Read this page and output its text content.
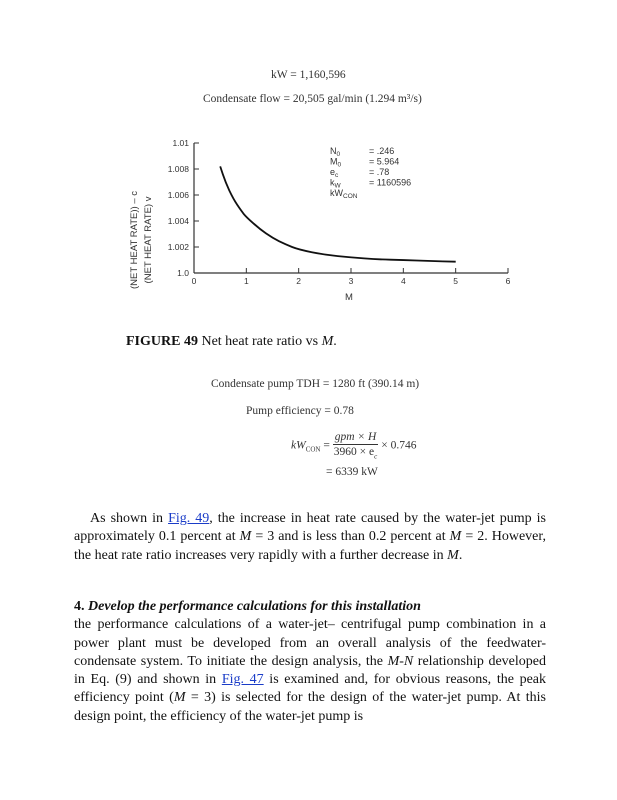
kW = 1,160,596
Condensate flow = 20,505 gal/min (1.294 m³/s)
(NET HEAT RATE)) – c (NET HEAT RATE) v	1.0
1.002
1.004
1.006
1.008
1.01
0	1	2	3	4	5	6
$N_0$	= .246
$M_0$	= 5.964
$e_c$	= .78
$k_W$	= 1160596
$kW_{CON}$
M
FIGURE 49 Net heat rate ratio vs M.
Condensate pump TDH = 1280 ft (390.14 m)
Pump efficiency = 0.78
$kW_{CON} = \frac{\text{gpm × H}}{3960 \times e_c} \times 0.746$
= 6339 kW
As shown in Fig. 49, the increase in heat rate caused by the water-jet pump is approximately 0.1 percent at M = 3 and is less than 0.2 percent at M = 2. However, the heat rate ratio increases very rapidly with a further decrease in M.
4. Develop the performance calculations for this installation
the performance calculations of a water-jet– centrifugal pump combination in a power plant must be developed from an overall analysis of the feedwater-condensate system. To initiate the design analysis, the M-N relationship developed in Eq. (9) and shown in Fig. 47 is examined and, for obvious reasons, the peak efficiency point (M = 3) is selected for the design of the water-jet pump. At this design point, the efficiency of the water-jet pump is
